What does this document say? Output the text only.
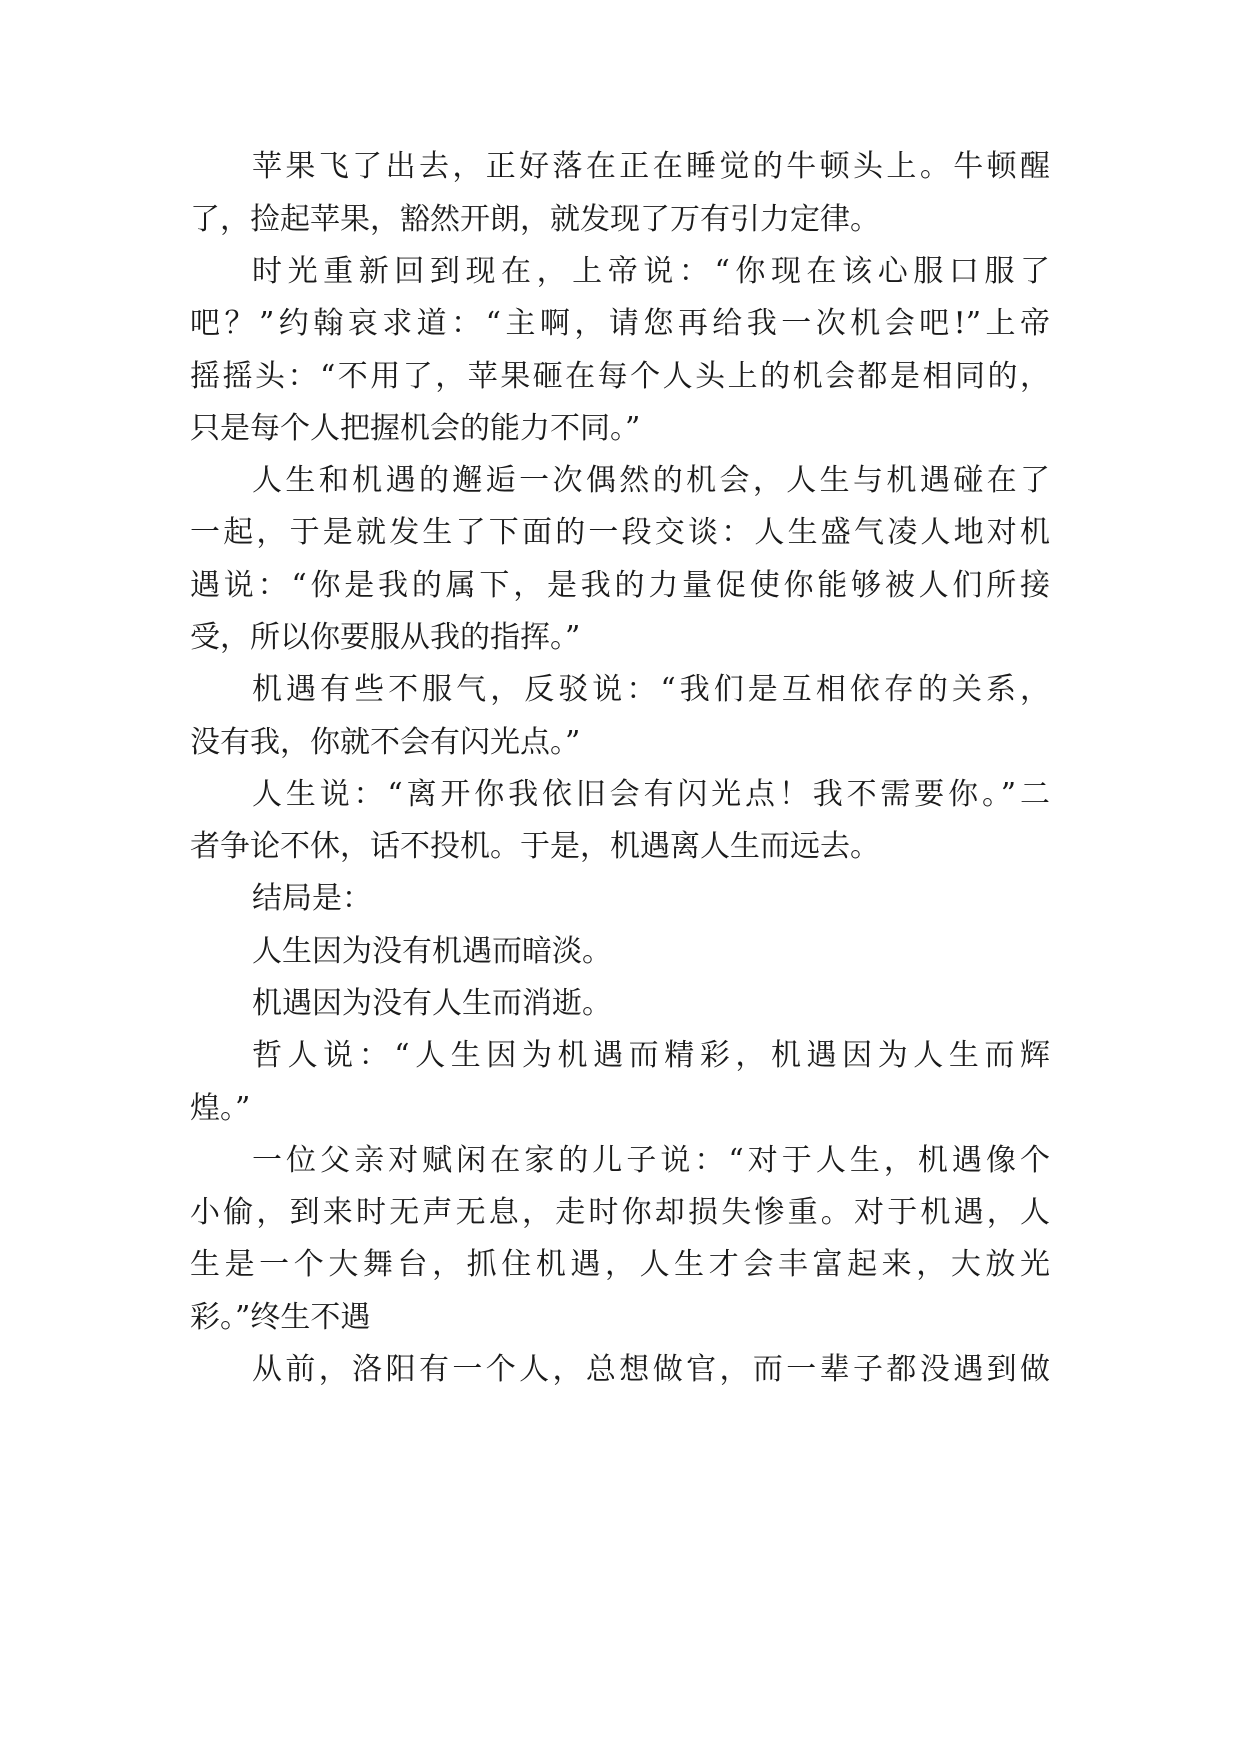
苹果飞了出去，正好落在正在睡觉的牛顿头上。牛顿醒
了，捡起苹果，豁然开朗，就发现了万有引力定律。
时光重新回到现在，上帝说：“你现在该心服口服了
吧？”约翰哀求道：“主啊，请您再给我一次机会吧!”上帝
摇摇头：“不用了，苹果砸在每个人头上的机会都是相同的，
只是每个人把握机会的能力不同。”
人生和机遇的邂逅一次偶然的机会，人生与机遇碰在了
一起，于是就发生了下面的一段交谈：人生盛气凌人地对机
遇说：“你是我的属下，是我的力量促使你能够被人们所接
受，所以你要服从我的指挥。”
机遇有些不服气，反驳说：“我们是互相依存的关系，
没有我，你就不会有闪光点。”
人生说：“离开你我依旧会有闪光点！我不需要你。”二
者争论不休，话不投机。于是，机遇离人生而远去。
结局是：
人生因为没有机遇而暗淡。
机遇因为没有人生而消逝。
哲人说：“人生因为机遇而精彩，机遇因为人生而辉
煌。”
一位父亲对赋闲在家的儿子说：“对于人生，机遇像个
小偷，到来时无声无息，走时你却损失惨重。对于机遇，人
生是一个大舞台，抓住机遇，人生才会丰富起来，大放光
彩。”终生不遇
从前，洛阳有一个人，总想做官，而一辈子都没遇到做
